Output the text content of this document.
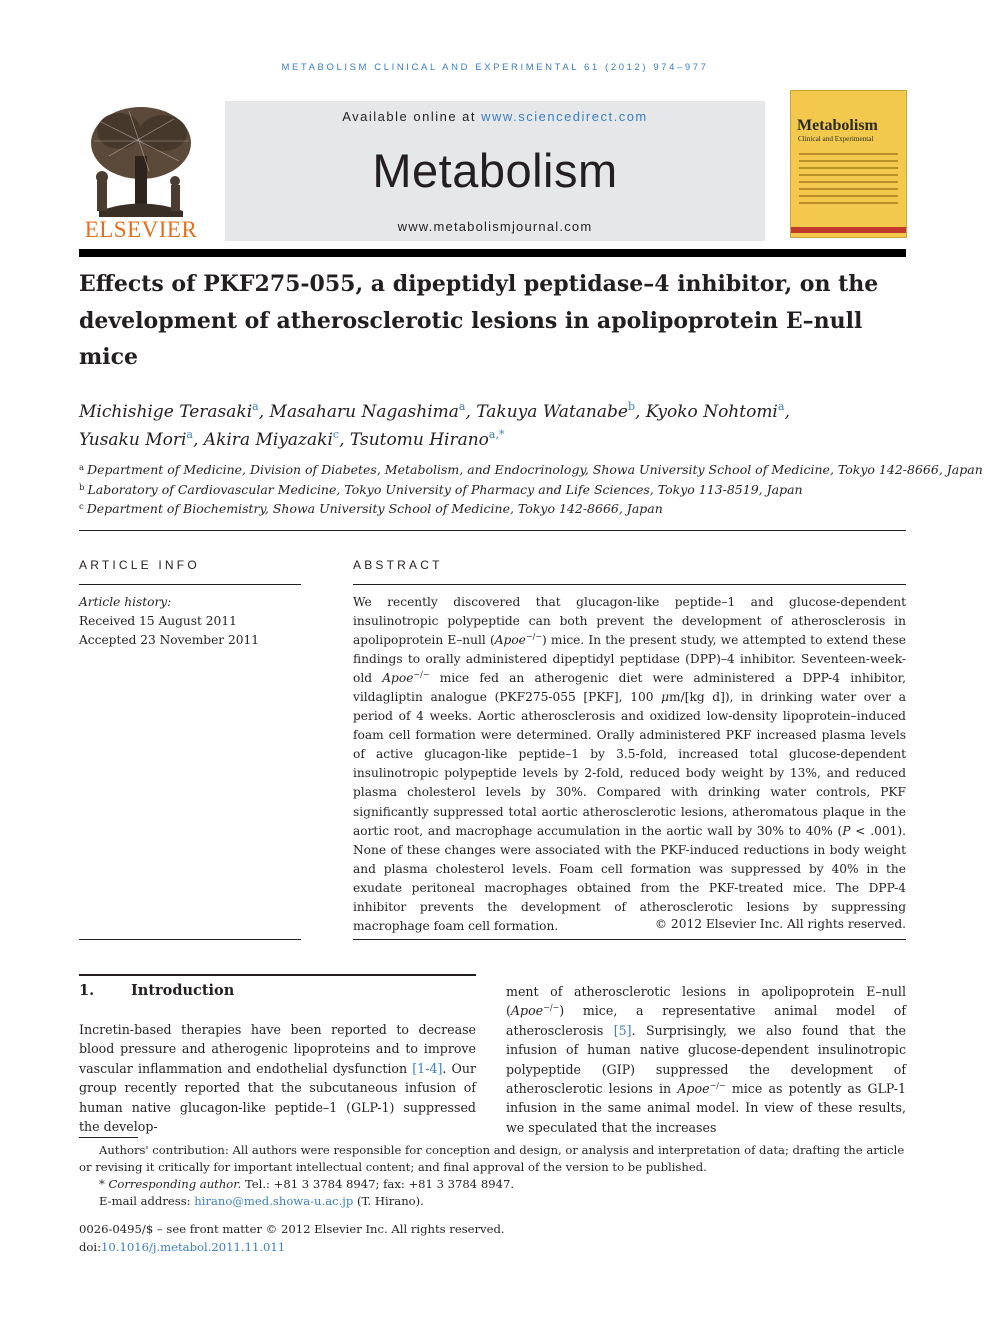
METABOLISM CLINICAL AND EXPERIMENTAL 61 (2012) 974–977
ELSEVIER
Available online at www.sciencedirect.com
Metabolism
www.metabolismjournal.com
Metabolism
Clinical and Experimental
Effects of PKF275-055, a dipeptidyl peptidase–4 inhibitor, on the development of atherosclerotic lesions in apolipoprotein E–null mice
Michishige Terasaki$^a$, Masaharu Nagashima$^a$, Takuya Watanabe$^b$, Kyoko Nohtomi$^a$,
Yusaku Mori$^a$, Akira Miyazaki$^c$, Tsutomu Hirano$^{a,*}$
$^a$ Department of Medicine, Division of Diabetes, Metabolism, and Endocrinology, Showa University School of Medicine, Tokyo 142-8666, Japan
$^b$ Laboratory of Cardiovascular Medicine, Tokyo University of Pharmacy and Life Sciences, Tokyo 113-8519, Japan
$^c$ Department of Biochemistry, Showa University School of Medicine, Tokyo 142-8666, Japan
ARTICLE INFO
Article history:
Received 15 August 2011
Accepted 23 November 2011
ABSTRACT
We recently discovered that glucagon-like peptide–1 and glucose-dependent insulinotropic polypeptide can both prevent the development of atherosclerosis in apolipoprotein E–null (Apoe−/−) mice. In the present study, we attempted to extend these findings to orally administered dipeptidyl peptidase (DPP)–4 inhibitor. Seventeen-week-old Apoe−/− mice fed an atherogenic diet were administered a DPP-4 inhibitor, vildagliptin analogue (PKF275-055 [PKF], 100 μm/[kg d]), in drinking water over a period of 4 weeks. Aortic atherosclerosis and oxidized low-density lipoprotein–induced foam cell formation were determined. Orally administered PKF increased plasma levels of active glucagon-like peptide–1 by 3.5-fold, increased total glucose-dependent insulinotropic polypeptide levels by 2-fold, reduced body weight by 13%, and reduced plasma cholesterol levels by 30%. Compared with drinking water controls, PKF significantly suppressed total aortic atherosclerotic lesions, atheromatous plaque in the aortic root, and macrophage accumulation in the aortic wall by 30% to 40% (P < .001). None of these changes were associated with the PKF-induced reductions in body weight and plasma cholesterol levels. Foam cell formation was suppressed by 40% in the exudate peritoneal macrophages obtained from the PKF-treated mice. The DPP-4 inhibitor prevents the development of atherosclerotic lesions by suppressing macrophage foam cell formation.	© 2012 Elsevier Inc. All rights reserved.
1.	Introduction
Incretin-based therapies have been reported to decrease blood pressure and atherogenic lipoproteins and to improve vascular inflammation and endothelial dysfunction [1-4]. Our group recently reported that the subcutaneous infusion of human native glucagon-like peptide–1 (GLP-1) suppressed the develop-
ment of atherosclerotic lesions in apolipoprotein E–null (Apoe−/−) mice, a representative animal model of atherosclerosis [5]. Surprisingly, we also found that the infusion of human native glucose-dependent insulinotropic polypeptide (GIP) suppressed the development of atherosclerotic lesions in Apoe−/− mice as potently as GLP-1 infusion in the same animal model. In view of these results, we speculated that the increases

Authors' contribution: All authors were responsible for conception and design, or analysis and interpretation of data; drafting the article or revising it critically for important intellectual content; and final approval of the version to be published.

* Corresponding author. Tel.: +81 3 3784 8947; fax: +81 3 3784 8947.

E-mail address: hirano@med.showa-u.ac.jp (T. Hirano).

0026-0495/$ – see front matter © 2012 Elsevier Inc. All rights reserved.
doi:10.1016/j.metabol.2011.11.011
